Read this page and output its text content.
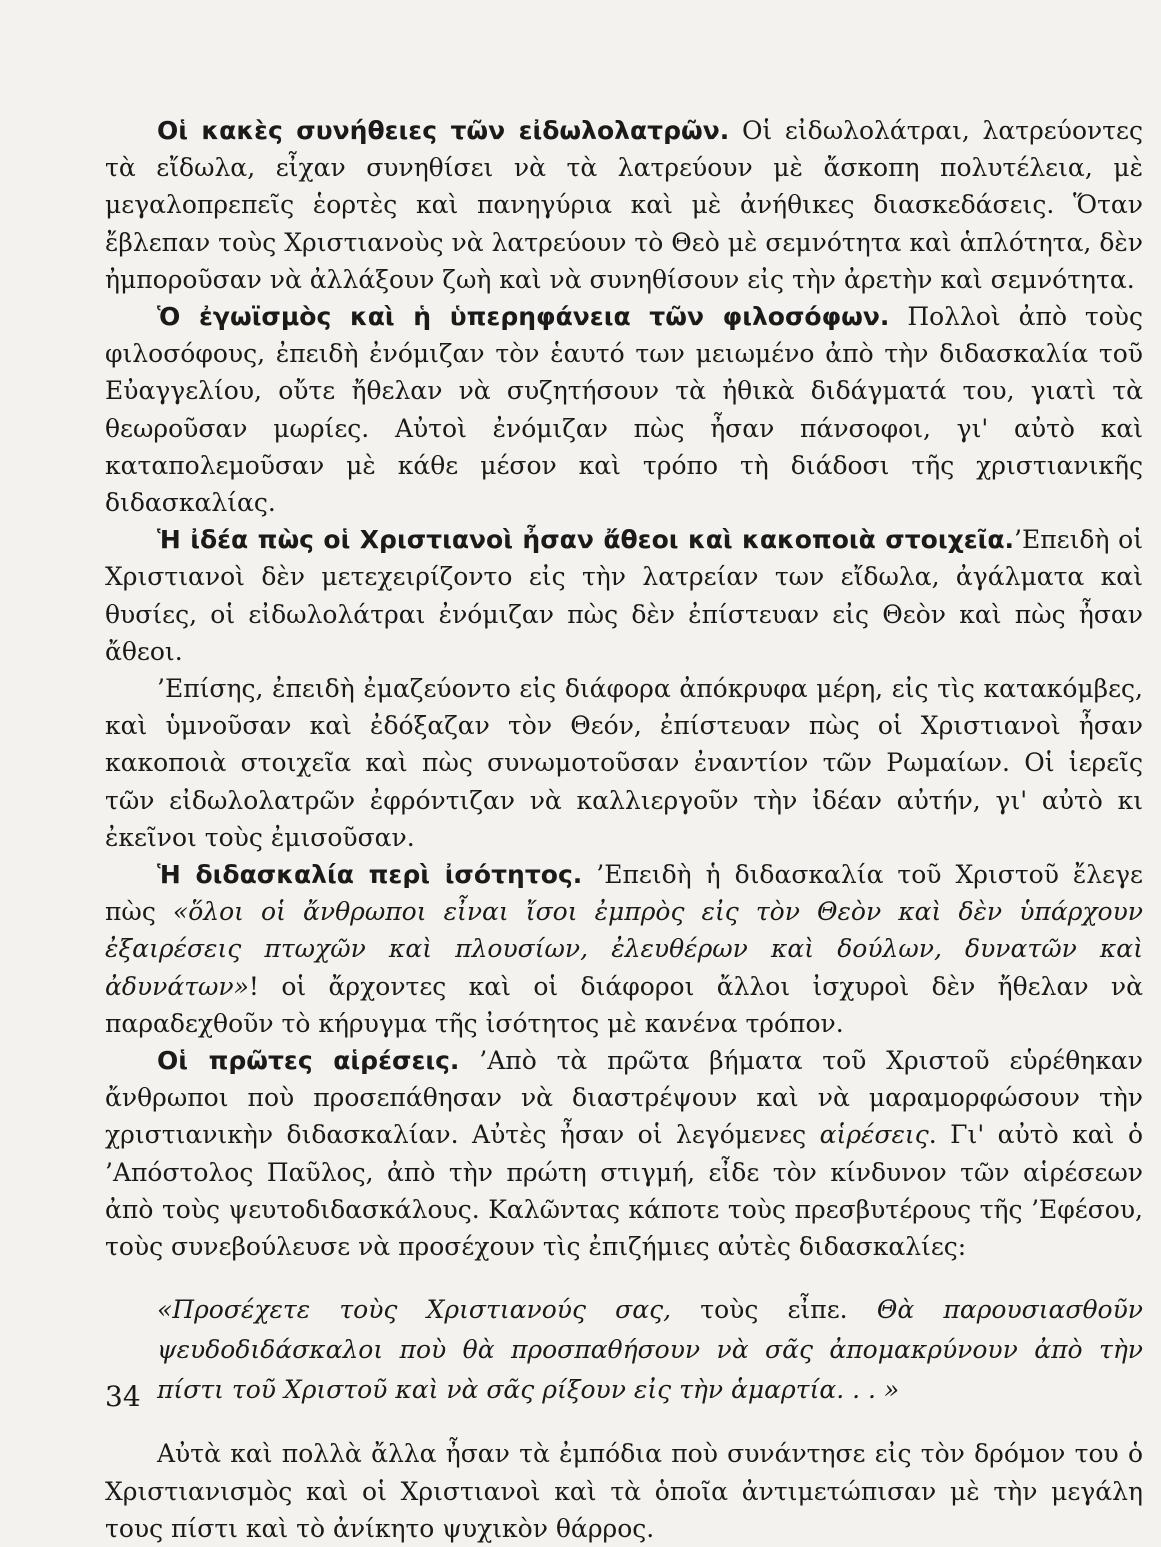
Οἱ κακὲς συνήθειες τῶν εἰδωλολατρῶν. Οἱ εἰδωλολάτραι, λατρεύοντες τὰ εἴδωλα, εἶχαν συνηθίσει νὰ τὰ λατρεύουν μὲ ἄσκοπη πολυτέλεια, μὲ μεγαλοπρεπεῖς ἑορτὲς καὶ πανηγύρια καὶ μὲ ἀνήθικες διασκεδάσεις. Ὅταν ἔβλεπαν τοὺς Χριστιανοὺς νὰ λατρεύουν τὸ Θεὸ μὲ σεμνότητα καὶ ἁπλότητα, δὲν ἠμποροῦσαν νὰ ἀλλάξουν ζωὴ καὶ νὰ συνηθίσουν εἰς τὴν ἀρετὴν καὶ σεμνότητα.

Ὁ ἐγωϊσμὸς καὶ ἡ ὑπερηφάνεια τῶν φιλοσόφων. Πολλοὶ ἀπὸ τοὺς φιλοσόφους, ἐπειδὴ ἐνόμιζαν τὸν ἑαυτό των μειωμένο ἀπὸ τὴν διδασκαλία τοῦ Εὐαγγελίου, οὔτε ἤθελαν νὰ συζητήσουν τὰ ἠθικὰ διδάγματά του, γιατὶ τὰ θεωροῦσαν μωρίες. Αὐτοὶ ἐνόμιζαν πὼς ἦσαν πάνσοφοι, γι' αὐτὸ καὶ καταπολεμοῦσαν μὲ κάθε μέσον καὶ τρόπο τὴ διάδοσι τῆς χριστιανικῆς διδασκαλίας.

Ἡ ἰδέα πὼς οἱ Χριστιανοὶ ἦσαν ἄθεοι καὶ κακοποιὰ στοιχεῖα.’Επειδὴ οἱ Χριστιανοὶ δὲν μετεχειρίζοντο εἰς τὴν λατρείαν των εἴδωλα, ἀγάλματα καὶ θυσίες, οἱ εἰδωλολάτραι ἐνόμιζαν πὼς δὲν ἐπίστευαν εἰς Θεὸν καὶ πὼς ἦσαν ἄθεοι.

’Επίσης, ἐπειδὴ ἐμαζεύοντο εἰς διάφορα ἀπόκρυφα μέρη, εἰς τὶς κατακόμβες, καὶ ὑμνοῦσαν καὶ ἐδόξαζαν τὸν Θεόν, ἐπίστευαν πὼς οἱ Χριστιανοὶ ἦσαν κακοποιὰ στοιχεῖα καὶ πὼς συνωμοτοῦσαν ἐναντίον τῶν Ρωμαίων. Οἱ ἱερεῖς τῶν εἰδωλολατρῶν ἐφρόντιζαν νὰ καλλιεργοῦν τὴν ἰδέαν αὐτήν, γι' αὐτὸ κι ἐκεῖνοι τοὺς ἐμισοῦσαν.

Ἡ διδασκαλία περὶ ἰσότητος. ’Επειδὴ ἡ διδασκαλία τοῦ Χριστοῦ ἔλεγε πὼς «ὅλοι οἱ ἄνθρωποι εἶναι ἴσοι ἐμπρὸς εἰς τὸν Θεὸν καὶ δὲν ὑπάρχουν ἐξαιρέσεις πτωχῶν καὶ πλουσίων, ἐλευθέρων καὶ δούλων, δυνατῶν καὶ ἀδυνάτων»! οἱ ἄρχοντες καὶ οἱ διάφοροι ἄλλοι ἰσχυροὶ δὲν ἤθελαν νὰ παραδεχθοῦν τὸ κήρυγμα τῆς ἰσότητος μὲ κανένα τρόπον.

Οἱ πρῶτες αἱρέσεις. ’Απὸ τὰ πρῶτα βήματα τοῦ Χριστοῦ εὑρέθηκαν ἄνθρωποι ποὺ προσεπάθησαν νὰ διαστρέψουν καὶ νὰ μαραμορφώσουν τὴν χριστιανικὴν διδασκαλίαν. Αὐτὲς ἦσαν οἱ λεγόμενες αἱρέσεις. Γι' αὐτὸ καὶ ὁ ’Απόστολος Παῦλος, ἀπὸ τὴν πρώτη στιγμή, εἶδε τὸν κίνδυνον τῶν αἱρέσεων ἀπὸ τοὺς ψευτοδιδασκάλους. Καλῶντας κάποτε τοὺς πρεσβυτέρους τῆς ’Εφέσου, τοὺς συνεβούλευσε νὰ προσέχουν τὶς ἐπιζήμιες αὐτὲς διδασκαλίες:

«Προσέχετε τοὺς Χριστιανούς σας, τοὺς εἶπε. Θὰ παρουσιασθοῦν ψευδοδιδάσκαλοι ποὺ θὰ προσπαθήσουν νὰ σᾶς ἀπομακρύνουν ἀπὸ τὴν πίστι τοῦ Χριστοῦ καὶ νὰ σᾶς ρίξουν εἰς τὴν ἁμαρτία. . . »

Αὐτὰ καὶ πολλὰ ἄλλα ἦσαν τὰ ἐμπόδια ποὺ συνάντησε εἰς τὸν δρόμον του ὁ Χριστιανισμὸς καὶ οἱ Χριστιανοὶ καὶ τὰ ὁποῖα ἀντιμετώπισαν μὲ τὴν μεγάλη τους πίστι καὶ τὸ ἀνίκητο ψυχικὸν θάρρος.

34
